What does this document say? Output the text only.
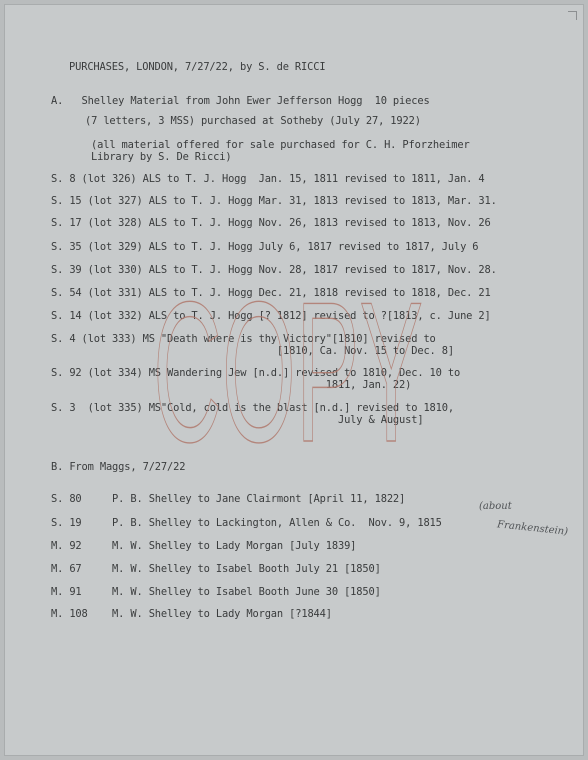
​
PURCHASES, LONDON, 7/27/22, by S. de RICCI
A.   Shelley Material from John Ewer Jefferson Hogg  10 pieces
(7 letters, 3 MSS) purchased at Sotheby (July 27, 1922)
(all material offered for sale purchased for C. H. Pforzheimer
Library by S. De Ricci)
S. 8 (lot 326) ALS to T. J. Hogg  Jan. 15, 1811 revised to 1811, Jan. 4
S. 15 (lot 327) ALS to T. J. Hogg Mar. 31, 1813 revised to 1813, Mar. 31.
S. 17 (lot 328) ALS to T. J. Hogg Nov. 26, 1813 revised to 1813, Nov. 26
S. 35 (lot 329) ALS to T. J. Hogg July 6, 1817 revised to 1817, July 6
S. 39 (lot 330) ALS to T. J. Hogg Nov. 28, 1817 revised to 1817, Nov. 28.
S. 54 (lot 331) ALS to T. J. Hogg Dec. 21, 1818 revised to 1818, Dec. 21
S. 14 (lot 332) ALS to T. J. Hogg [? 1812] revised to ?[1813, c. June 2]
S. 4 (lot 333) MS "Death where is thy Victory"[1810] revised to
[1810, Ca. Nov. 15 to Dec. 8]
S. 92 (lot 334) MS Wandering Jew [n.d.] revised to 1810, Dec. 10 to
1811, Jan. 22)
S. 3  (lot 335) MS"Cold, cold is the blast [n.d.] revised to 1810,
July & August]
COPY
B. From Maggs, 7/27/22
S. 80     P. B. Shelley to Jane Clairmont [April 11, 1822]
S. 19     P. B. Shelley to Lackington, Allen & Co.  Nov. 9, 1815
M. 92     M. W. Shelley to Lady Morgan [July 1839]
M. 67     M. W. Shelley to Isabel Booth July 21 [1850]
M. 91     M. W. Shelley to Isabel Booth June 30 [1850]
M. 108    M. W. Shelley to Lady Morgan [?1844]
(about
Frankenstein)
